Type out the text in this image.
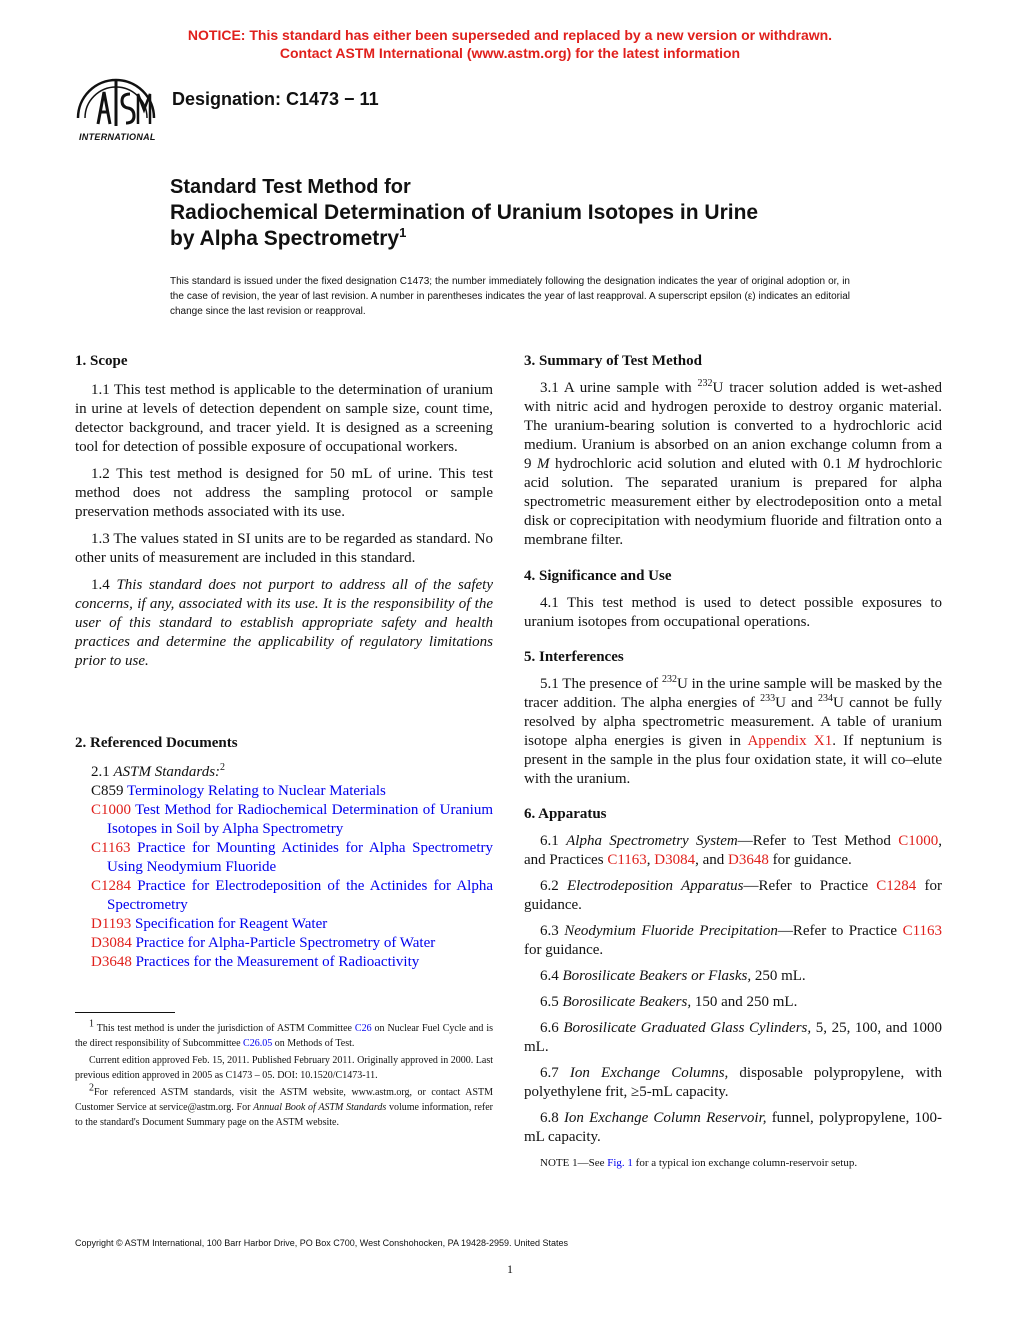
NOTICE: This standard has either been superseded and replaced by a new version or withdrawn.
Contact ASTM International (www.astm.org) for the latest information
INTERNATIONAL
Designation: C1473 − 11
Standard Test Method for
Radiochemical Determination of Uranium Isotopes in Urine
by Alpha Spectrometry$^1$
This standard is issued under the fixed designation C1473; the number immediately following the designation indicates the year of original adoption or, in the case of revision, the year of last revision. A number in parentheses indicates the year of last reapproval. A superscript epsilon (ε) indicates an editorial change since the last revision or reapproval.
1. Scope

1.1 This test method is applicable to the determination of uranium in urine at levels of detection dependent on sample size, count time, detector background, and tracer yield. It is designed as a screening tool for detection of possible exposure of occupational workers.

1.2 This test method is designed for 50 mL of urine. This test method does not address the sampling protocol or sample preservation methods associated with its use.

1.3 The values stated in SI units are to be regarded as standard. No other units of measurement are included in this standard.

1.4 This standard does not purport to address all of the safety concerns, if any, associated with its use. It is the responsibility of the user of this standard to establish appropriate safety and health practices and determine the applicability of regulatory limitations prior to use.

2. Referenced Documents

2.1 ASTM Standards:$^2$

C859 Terminology Relating to Nuclear Materials

C1000 Test Method for Radiochemical Determination of Uranium Isotopes in Soil by Alpha Spectrometry

C1163 Practice for Mounting Actinides for Alpha Spectrometry Using Neodymium Fluoride

C1284 Practice for Electrodeposition of the Actinides for Alpha Spectrometry

D1193 Specification for Reagent Water

D3084 Practice for Alpha-Particle Spectrometry of Water

D3648 Practices for the Measurement of Radioactivity

$^1$ This test method is under the jurisdiction of ASTM Committee C26 on Nuclear Fuel Cycle and is the direct responsibility of Subcommittee C26.05 on Methods of Test.
Current edition approved Feb. 15, 2011. Published February 2011. Originally approved in 2000. Last previous edition approved in 2005 as C1473 – 05. DOI: 10.1520/C1473-11.
$^2$For referenced ASTM standards, visit the ASTM website, www.astm.org, or contact ASTM Customer Service at service@astm.org. For Annual Book of ASTM Standards volume information, refer to the standard's Document Summary page on the ASTM website.
3. Summary of Test Method

3.1 A urine sample with $^{232}$U tracer solution added is wet-ashed with nitric acid and hydrogen peroxide to destroy organic material. The uranium-bearing solution is converted to a hydrochloric acid medium. Uranium is absorbed on an anion exchange column from a 9 M hydrochloric acid solution and eluted with 0.1 M hydrochloric acid solution. The separated uranium is prepared for alpha spectrometric measurement either by electrodeposition onto a metal disk or coprecipitation with neodymium fluoride and filtration onto a membrane filter.

4. Significance and Use

4.1 This test method is used to detect possible exposures to uranium isotopes from occupational operations.

5. Interferences

5.1 The presence of $^{232}$U in the urine sample will be masked by the tracer addition. The alpha energies of $^{233}$U and $^{234}$U cannot be fully resolved by alpha spectrometric measurement. A table of uranium isotope alpha energies is given in Appendix X1. If neptunium is present in the sample in the plus four oxidation state, it will co–elute with the uranium.

6. Apparatus

6.1 Alpha Spectrometry System—Refer to Test Method C1000, and Practices C1163, D3084, and D3648 for guidance.

6.2 Electrodeposition Apparatus—Refer to Practice C1284 for guidance.

6.3 Neodymium Fluoride Precipitation—Refer to Practice C1163 for guidance.

6.4 Borosilicate Beakers or Flasks, 250 mL.

6.5 Borosilicate Beakers, 150 and 250 mL.

6.6 Borosilicate Graduated Glass Cylinders, 5, 25, 100, and 1000 mL.

6.7 Ion Exchange Columns, disposable polypropylene, with polyethylene frit, ≥5-mL capacity.

6.8 Ion Exchange Column Reservoir, funnel, polypropylene, 100-mL capacity.

NOTE 1—See Fig. 1 for a typical ion exchange column-reservoir setup.
Copyright © ASTM International, 100 Barr Harbor Drive, PO Box C700, West Conshohocken, PA 19428-2959. United States
1
